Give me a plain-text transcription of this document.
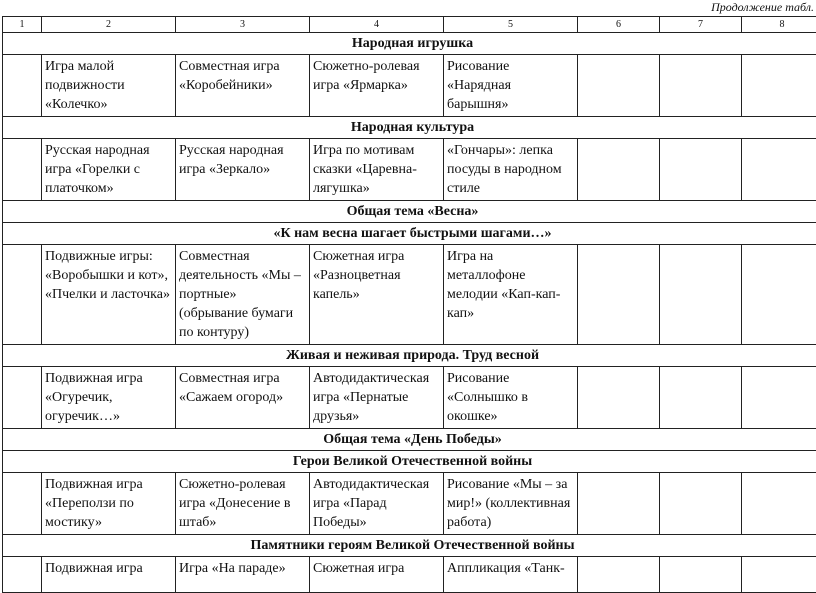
Продолжение табл.
1	2	3	4	5	6	7	8
Народная игрушка							
	Игра малой подвижности «Колечко»	Совместная игра «Коробейники»	Сюжетно-ролевая игра «Ярмарка»	Рисование «Нарядная барышня»			
Народная культура							
	Русская народная игра «Горелки с платочком»	Русская народная игра «Зеркало»	Игра по мотивам сказки «Царевна-лягушка»	«Гончары»: лепка посуды в народном стиле			
Общая тема «Весна»							
«К нам весна шагает быстрыми шагами…»							
	Подвижные игры: «Воробышки и кот», «Пчелки и ласточка»	Совместная деятельность «Мы – портные» (обрывание бумаги по контуру)	Сюжетная игра «Разноцветная капель»	Игра на металлофоне мелодии «Кап-кап-кап»			
Живая и неживая природа. Труд весной							
	Подвижная игра «Огуречик, огуречик…»	Совместная игра «Сажаем огород»	Автодидактическая игра «Пернатые друзья»	Рисование «Солнышко в окошке»			
Общая тема «День Победы»							
Герои Великой Отечественной войны							
	Подвижная игра «Переползи по мостику»	Сюжетно-ролевая игра «Донесение в штаб»	Автодидактическая игра «Парад Победы»	Рисование «Мы – за мир!» (коллективная работа)			
Памятники героям Великой Отечественной войны							
	Подвижная игра	Игра «На параде»	Сюжетная игра	Аппликация «Танк-			
